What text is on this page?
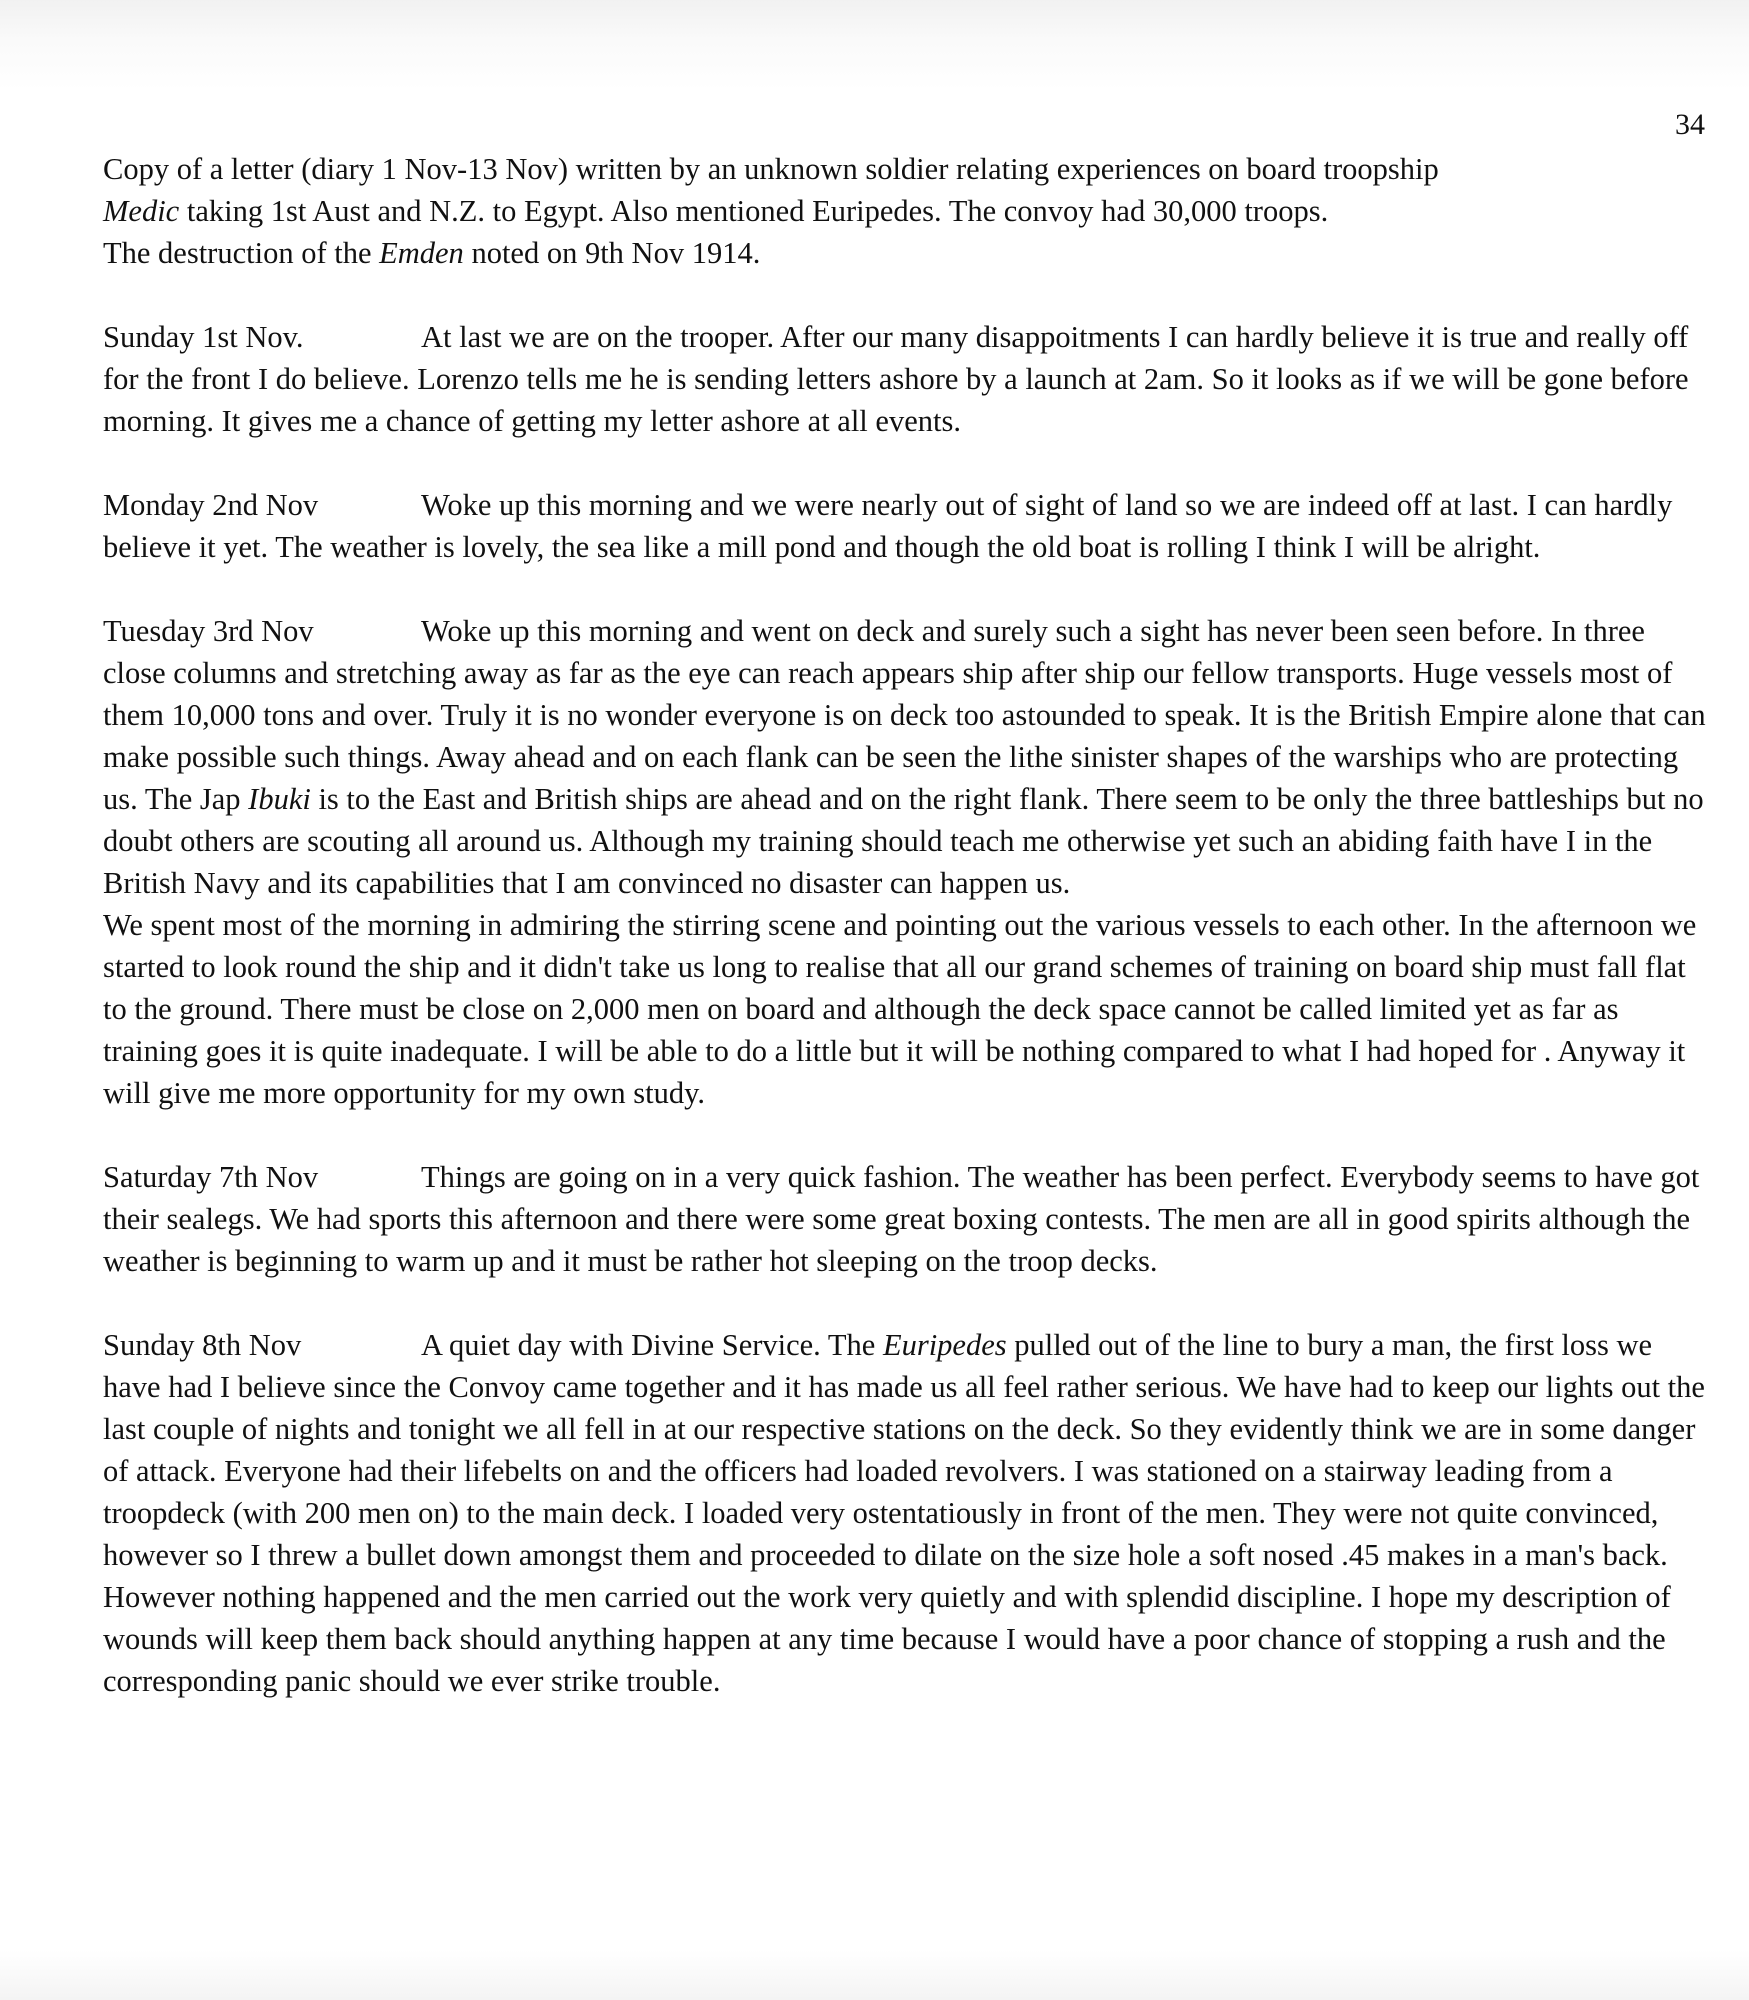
34
Copy of a letter (diary 1 Nov-13 Nov) written by an unknown soldier relating experiences on board troopship
Medic taking 1st Aust and N.Z. to Egypt. Also mentioned Euripedes. The convoy had 30,000 troops.
The destruction of the Emden noted on 9th Nov 1914.
Sunday 1st Nov.	At last we are on the trooper. After our many disappoitments I can hardly believe it is true and really off for the front I do believe. Lorenzo tells me he is sending letters ashore by a launch at 2am. So it looks as if we will be gone before morning. It gives me a chance of getting my letter ashore at all events.
Monday 2nd Nov	Woke up this morning and we were nearly out of sight of land so we are indeed off at last. I can hardly believe it yet. The weather is lovely, the sea like a mill pond and though the old boat is rolling I think I will be alright.

Tuesday 3rd Nov	Woke up this morning and went on deck and surely such a sight has never been seen before. In three close columns and stretching away as far as the eye can reach appears ship after ship our fellow transports. Huge vessels most of them 10,000 tons and over. Truly it is no wonder everyone is on deck too astounded to speak. It is the British Empire alone that can make possible such things. Away ahead and on each flank can be seen the lithe sinister shapes of the warships who are protecting us. The Jap Ibuki is to the East and British ships are ahead and on the right flank. There seem to be only the three battleships but no doubt others are scouting all around us. Although my training should teach me otherwise yet such an abiding faith have I in the British Navy and its capabilities that I am convinced no disaster can happen us.

We spent most of the morning in admiring the stirring scene and pointing out the various vessels to each other. In the afternoon we started to look round the ship and it didn't take us long to realise that all our grand schemes of training on board ship must fall flat to the ground. There must be close on 2,000 men on board and although the deck space cannot be called limited yet as far as training goes it is quite inadequate. I will be able to do a little but it will be nothing compared to what I had hoped for . Anyway it will give me more opportunity for my own study.

Saturday 7th Nov	Things are going on in a very quick fashion. The weather has been perfect. Everybody seems to have got their sealegs. We had sports this afternoon and there were some great boxing contests. The men are all in good spirits although the weather is beginning to warm up and it must be rather hot sleeping on the troop decks.
Sunday 8th Nov	A quiet day with Divine Service. The Euripedes pulled out of the line to bury a man, the first loss we have had I believe since the Convoy came together and it has made us all feel rather serious. We have had to keep our lights out the last couple of nights and tonight we all fell in at our respective stations on the deck. So they evidently think we are in some danger of attack. Everyone had their lifebelts on and the officers had loaded revolvers. I was stationed on a stairway leading from a troopdeck (with 200 men on) to the main deck. I loaded very ostentatiously in front of the men. They were not quite convinced, however so I threw a bullet down amongst them and proceeded to dilate on the size hole a soft nosed .45 makes in a man's back. However nothing happened and the men carried out the work very quietly and with splendid discipline. I hope my description of wounds will keep them back should anything happen at any time because I would have a poor chance of stopping a rush and the corresponding panic should we ever strike trouble.
